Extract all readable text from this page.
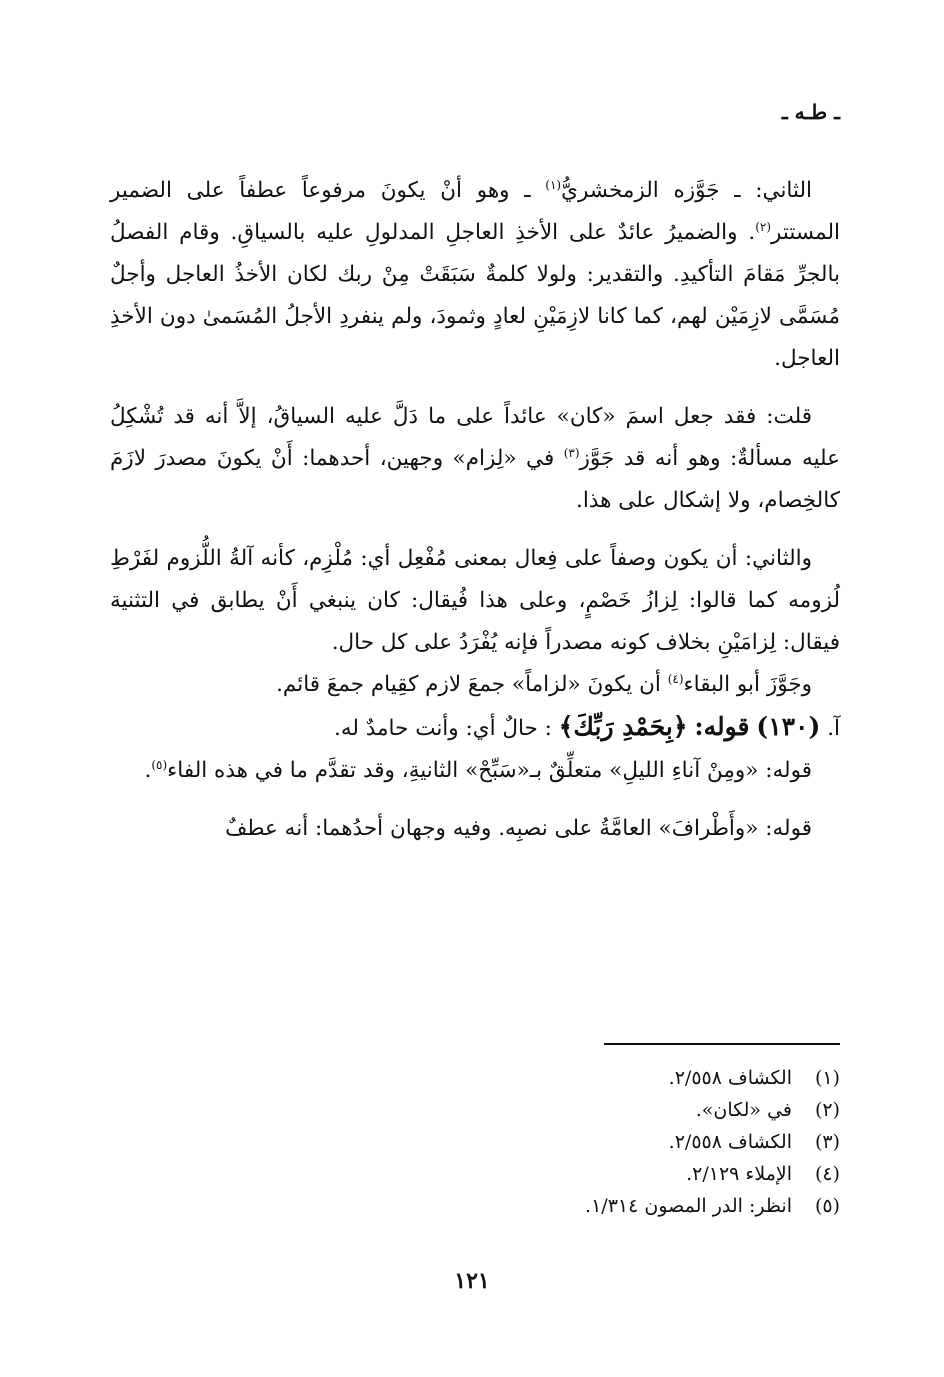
ـ طـه ـ

الثاني: ـ جَوَّزه الزمخشريُّ$^{(١)}$ ـ وهو أنْ يكونَ مرفوعاً عطفاً على الضمير المستتر$^{(٢)}$. والضميرُ عائدٌ على الأخذِ العاجلِ المدلولِ عليه بالسياقِ. وقام الفصلُ بالجرِّ مَقامَ التأكيدِ. والتقدير: ولولا كلمةٌ سَبَقَتْ مِنْ ربك لكان الأخذُ العاجل وأجلٌ مُسَمَّى لازِمَيْن لهم، كما كانا لازِمَيْنِ لعادٍ وثمودَ، ولم ينفردِ الأجلُ المُسَمىٰ دون الأخذِ العاجل.

قلت: فقد جعل اسمَ «كان» عائداً على ما دَلَّ عليه السياقُ، إلاَّ أنه قد تُشْكِلُ عليه مسألةٌ: وهو أنه قد جَوَّز$^{(٣)}$ في «لِزام» وجهين، أحدهما: أَنْ يكونَ مصدرَ لازَمَ كالخِصام، ولا إشكال على هذا.

والثاني: أن يكون وصفاً على فِعال بمعنى مُفْعِل أي: مُلْزِم، كأنه آلةُ اللُّزوم لفَرْطِ لُزومه كما قالوا: لِزازُ خَصْمٍ، وعلى هذا فُيقال: كان ينبغي أَنْ يطابق في التثنية فيقال: لِزامَيْنِ بخلاف كونه مصدراً فإنه يُفْرَدُ على كل حال.

وجَوَّزَ أبو البقاء$^{(٤)}$ أن يكونَ «لزاماً» جمعَ لازم كقِيام جمعَ قائم.

آ. (١٣٠) قوله: ﴿بِحَمْدِ رَبِّكَ﴾ : حالٌ أي: وأنت حامدٌ له.

قوله: «ومِنْ آناءِ الليلِ» متعلِّقٌ بـ«سَبِّحْ» الثانيةِ، وقد تقدَّم ما في هذه الفاء$^{(٥)}$.

قوله: «وأَطْرافَ» العامَّةُ على نصبِه. وفيه وجهان أحدُهما: أنه عطفٌ

(١)
الكشاف ٢/٥٥٨.
(٢)
في «لكان».
(٣)
الكشاف ٢/٥٥٨.
(٤)
الإملاء ٢/١٢٩.
(٥)
انظر: الدر المصون ١/٣١٤.
١٢١
